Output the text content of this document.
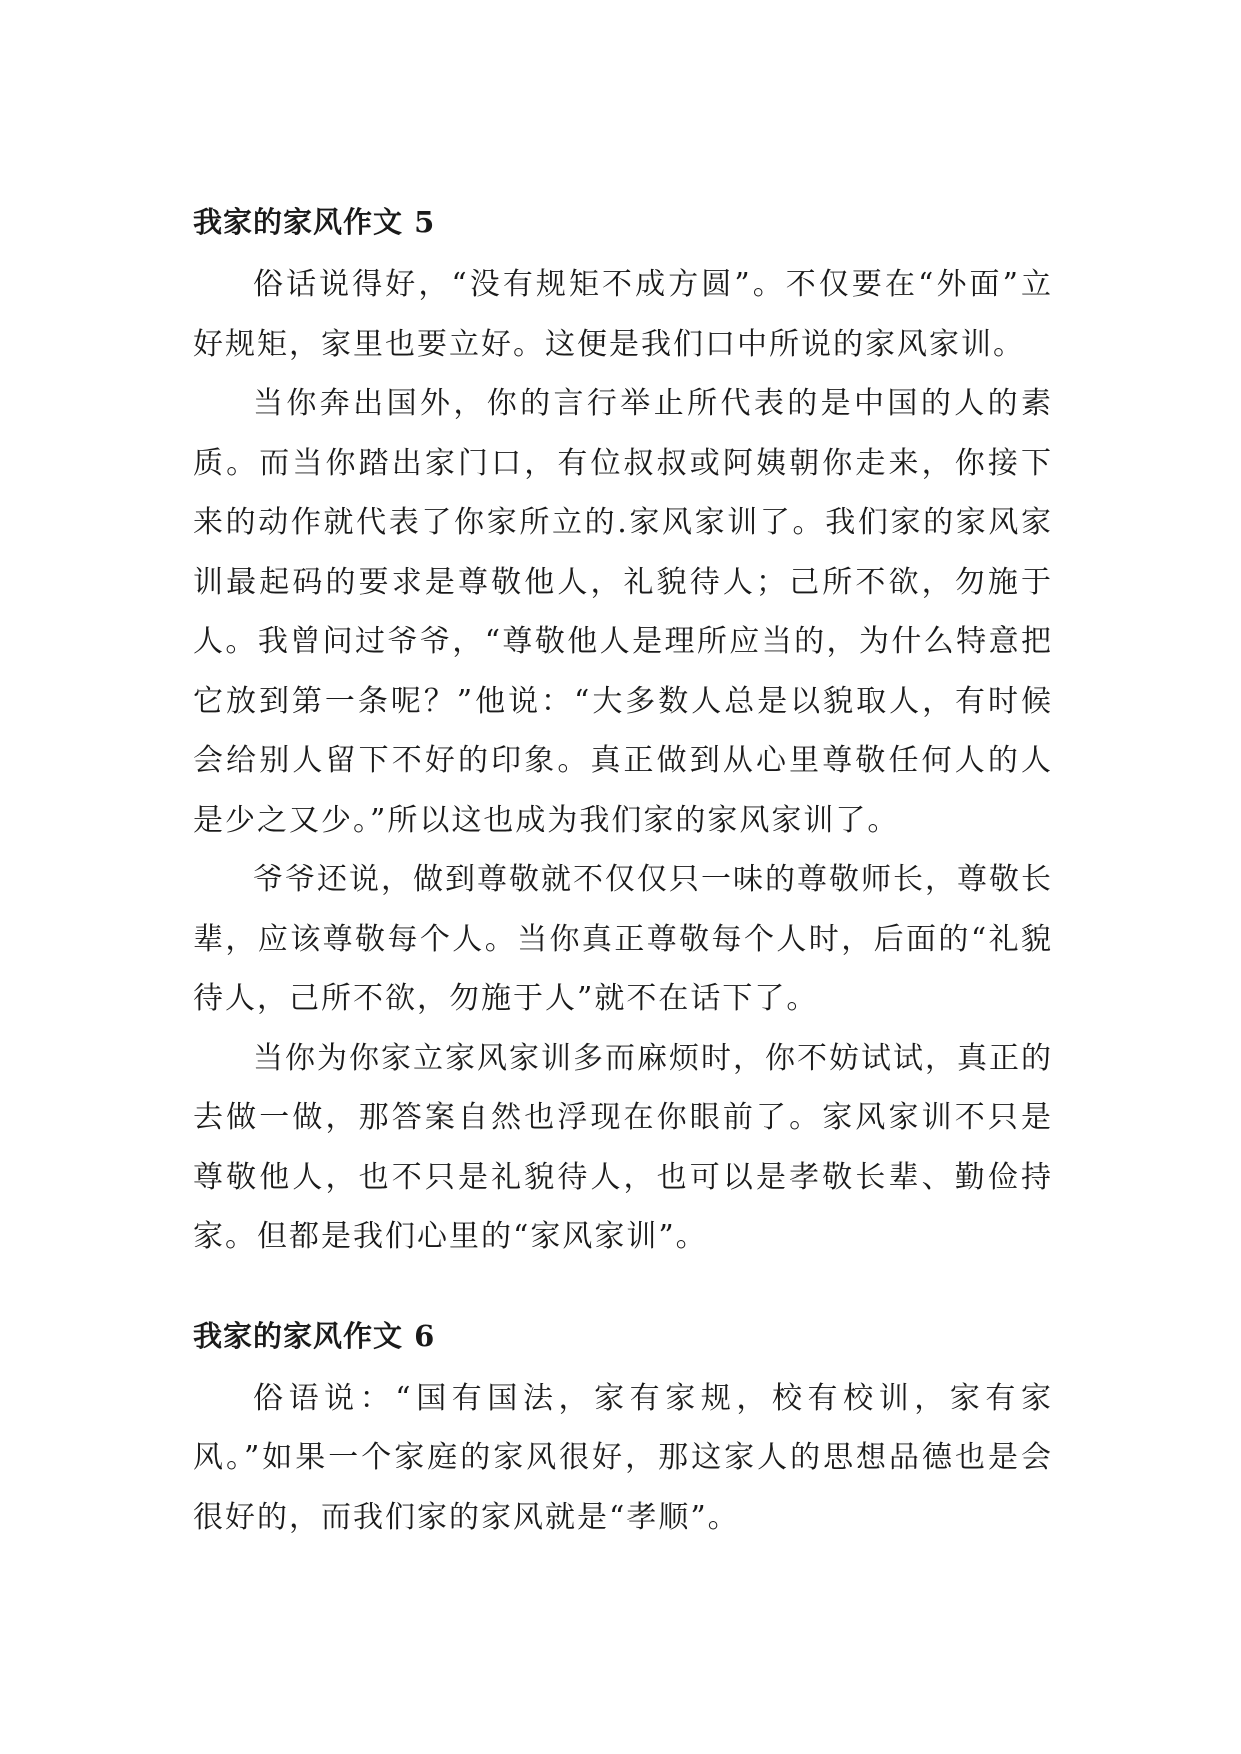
我家的家风作文 5

俗话说得好，“没有规矩不成方圆”。不仅要在“外面”立好规矩，家里也要立好。这便是我们口中所说的家风家训。

当你奔出国外，你的言行举止所代表的是中国的人的素质。而当你踏出家门口，有位叔叔或阿姨朝你走来，你接下来的动作就代表了你家所立的.家风家训了。我们家的家风家训最起码的要求是尊敬他人，礼貌待人；己所不欲，勿施于人。我曾问过爷爷，“尊敬他人是理所应当的，为什么特意把它放到第一条呢？”他说：“大多数人总是以貌取人，有时候会给别人留下不好的印象。真正做到从心里尊敬任何人的人是少之又少。”所以这也成为我们家的家风家训了。

爷爷还说，做到尊敬就不仅仅只一味的尊敬师长，尊敬长辈，应该尊敬每个人。当你真正尊敬每个人时，后面的“礼貌待人，己所不欲，勿施于人”就不在话下了。

当你为你家立家风家训多而麻烦时，你不妨试试，真正的去做一做，那答案自然也浮现在你眼前了。家风家训不只是尊敬他人，也不只是礼貌待人，也可以是孝敬长辈、勤俭持家。但都是我们心里的“家风家训”。

我家的家风作文 6

俗语说：“国有国法，家有家规，校有校训，家有家风。”如果一个家庭的家风很好，那这家人的思想品德也是会很好的，而我们家的家风就是“孝顺”。
